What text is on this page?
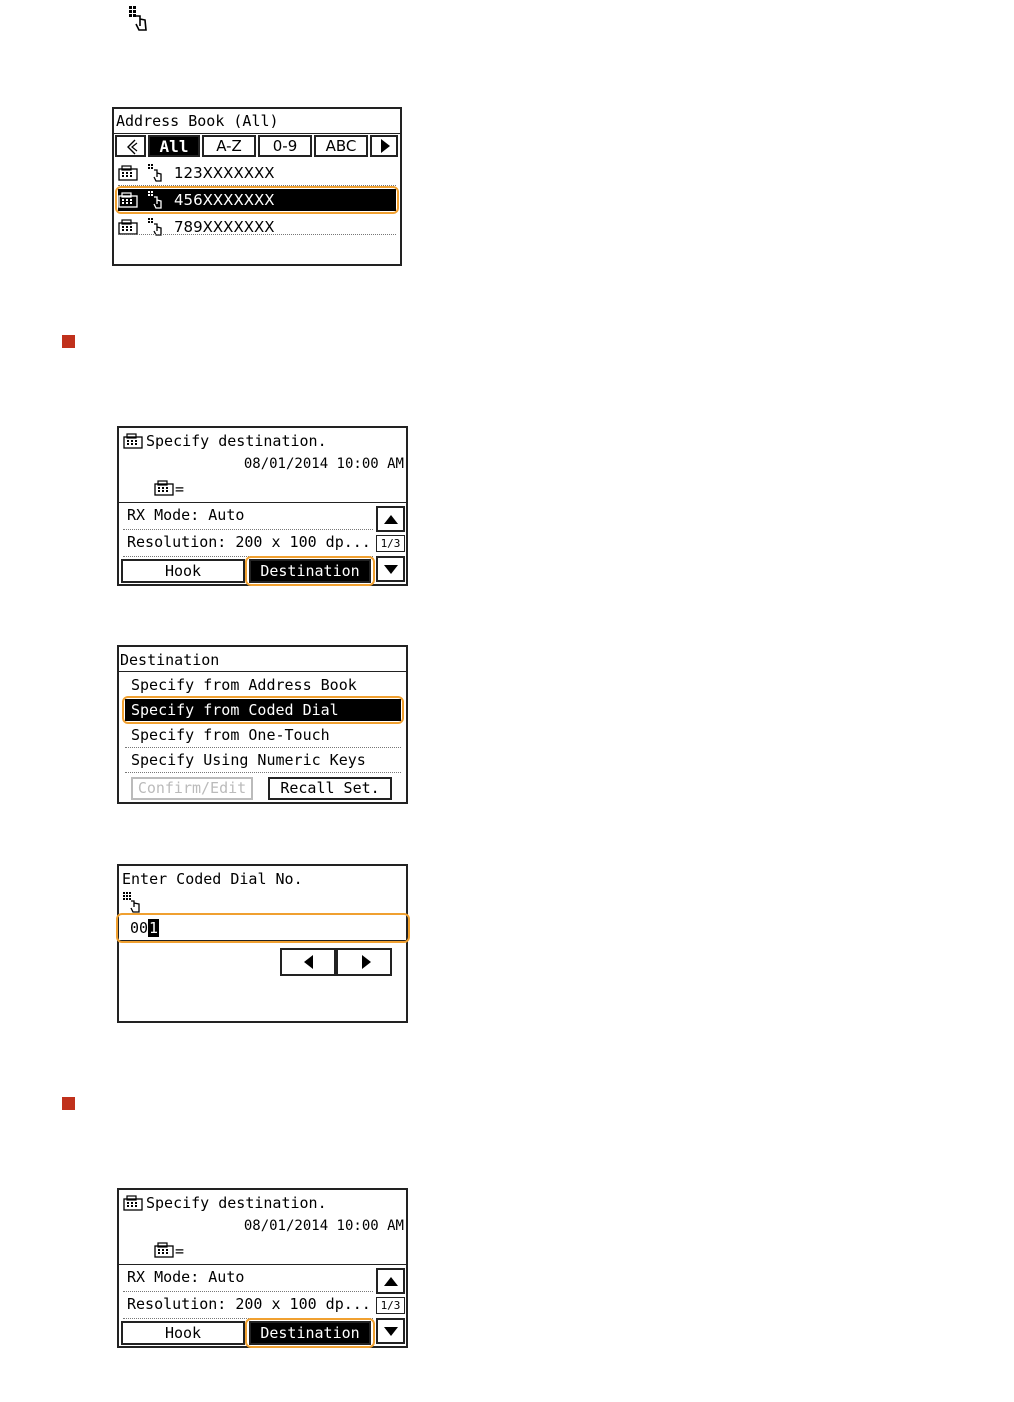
Address Book (All)
All	A-Z	0-9	ABC
123XXXXXXX
456XXXXXXX
789XXXXXXX
Specify destination.
08/01/2014 10:00 AM
=
RX Mode: Auto
Resolution: 200 x 100 dp... 1/3
Hook	Destination
Destination
Specify from Address Book
Specify from Coded Dial
Specify from One-Touch
Specify Using Numeric Keys
Confirm/Edit	Recall Set.
Enter Coded Dial No.
00 1
Specify destination.
08/01/2014 10:00 AM
=
RX Mode: Auto
Resolution: 200 x 100 dp... 1/3
Hook	Destination
